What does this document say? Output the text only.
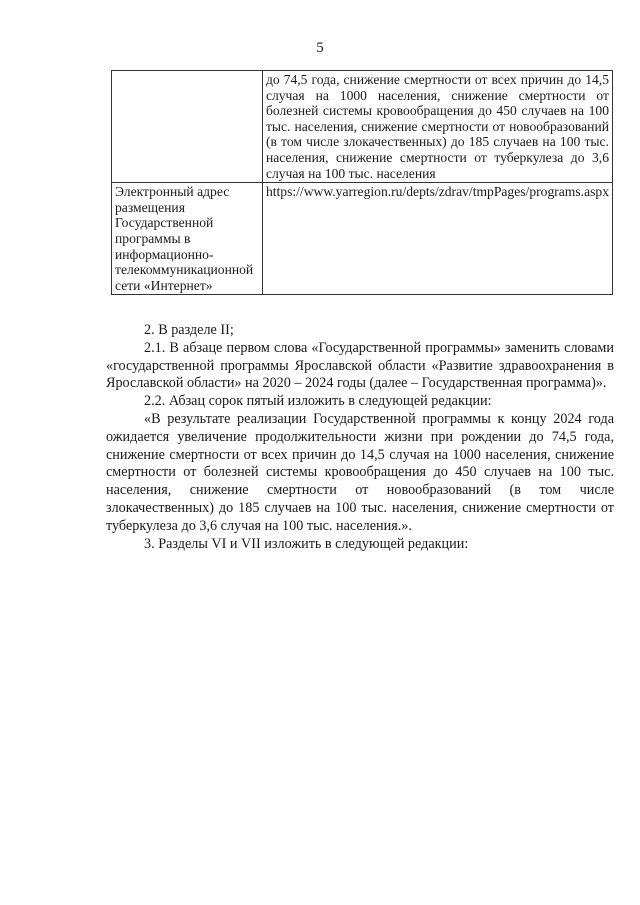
5
	до 74,5 года, снижение смертности от всех причин до 14,5 случая на 1000 населения, снижение смертности от болезней системы кровообращения до 450 случаев на 100 тыс. населения, снижение смертности от новообразований (в том числе злокачественных) до 185 случаев на 100 тыс. населения, снижение смертности от туберкулеза до 3,6 случая на 100 тыс. населения
Электронный адрес размещения Государственной программы в информационно-телекоммуникационной сети «Интернет»	https://www.yarregion.ru/depts/zdrav/tmpPages/programs.aspx

2. В разделе II;

2.1. В абзаце первом слова «Государственной программы» заменить словами «государственной программы Ярославской области «Развитие здравоохранения в Ярославской области» на 2020 – 2024 годы (далее – Государственная программа)».

2.2. Абзац сорок пятый изложить в следующей редакции:

«В результате реализации Государственной программы к концу 2024 года ожидается увеличение продолжительности жизни при рождении до 74,5 года, снижение смертности от всех причин до 14,5 случая на 1000 населения, снижение смертности от болезней системы кровообращения до 450 случаев на 100 тыс. населения, снижение смертности от новообразований (в том числе злокачественных) до 185 случаев на 100 тыс. населения, снижение смертности от туберкулеза до 3,6 случая на 100 тыс. населения.».

3. Разделы VI и VII изложить в следующей редакции:
